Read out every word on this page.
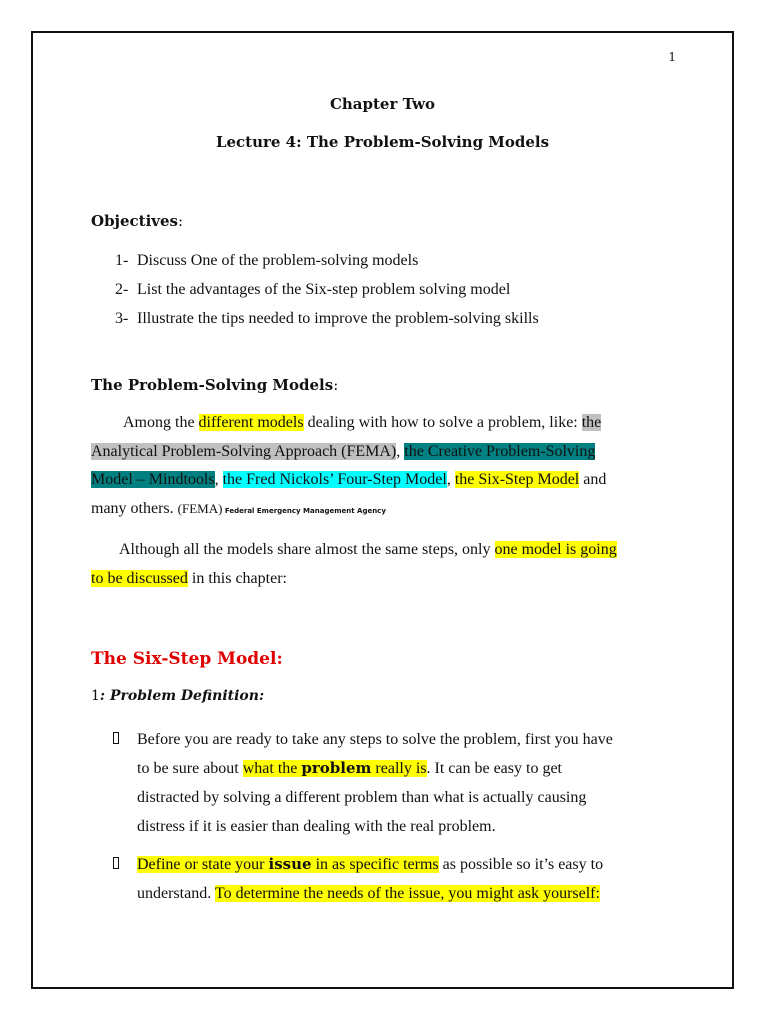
1
Chapter Two
Lecture 4: The Problem-Solving Models
Objectives:
1- Discuss One of the problem-solving models
2- List the advantages of the Six-step problem solving model
3- Illustrate the tips needed to improve the problem-solving skills
The Problem-Solving Models:
Among the different models dealing with how to solve a problem, like: the
Analytical Problem-Solving Approach (FEMA), the Creative Problem-Solving
Model – Mindtools, the Fred Nickols’ Four-Step Model, the Six-Step Model and
many others. (FEMA) Federal Emergency Management Agency
Although all the models share almost the same steps, only one model is going
to be discussed in this chapter:
The Six-Step Model:
1: Problem Definition:
Before you are ready to take any steps to solve the problem, first you have
to be sure about what the problem really is. It can be easy to get
distracted by solving a different problem than what is actually causing
distress if it is easier than dealing with the real problem.
Define or state your issue in as specific terms as possible so it’s easy to
understand. To determine the needs of the issue, you might ask yourself:
